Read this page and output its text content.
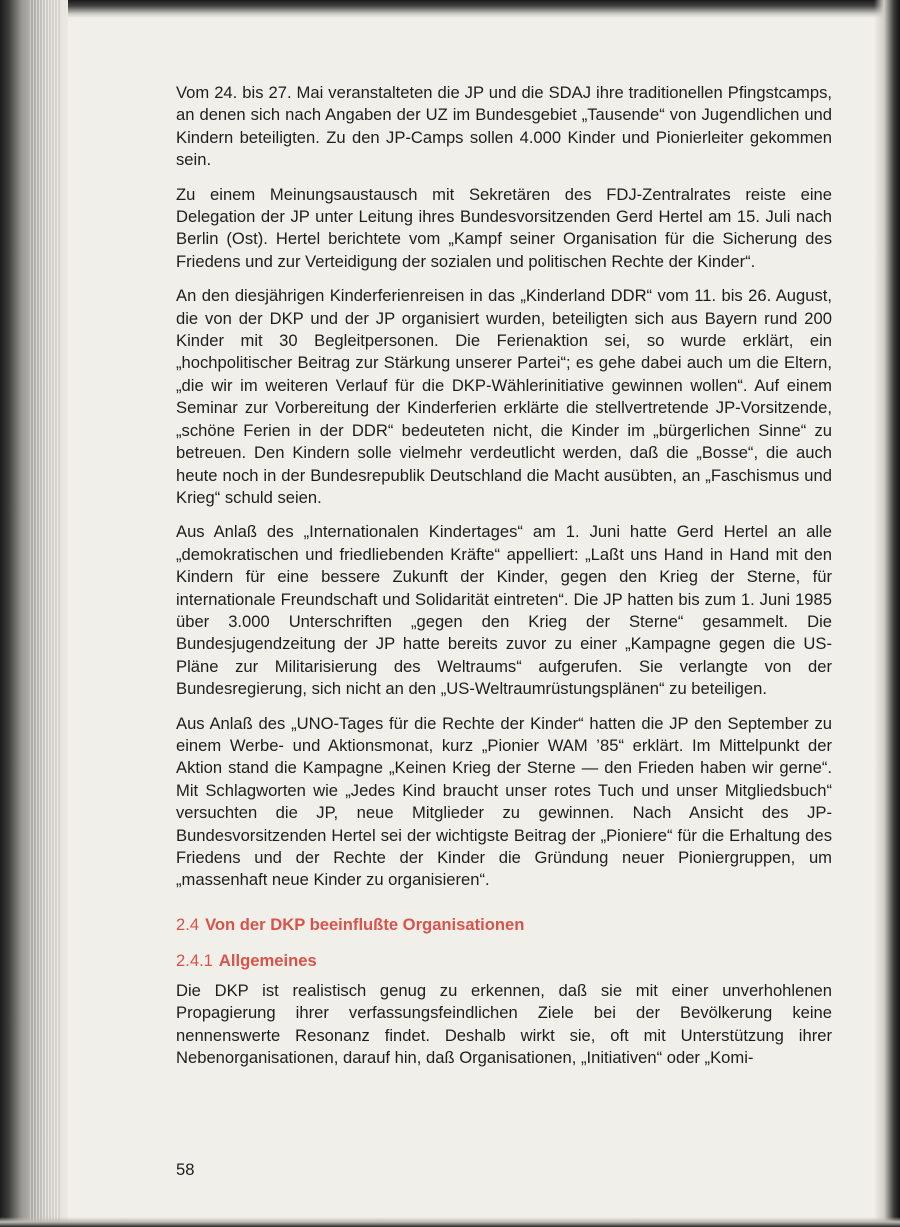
Vom 24. bis 27. Mai veranstalteten die JP und die SDAJ ihre traditionellen Pfingstcamps, an denen sich nach Angaben der UZ im Bundesgebiet „Tausende“ von Jugendlichen und Kindern beteiligten. Zu den JP-Camps sollen 4.000 Kinder und Pionierleiter gekommen sein.

Zu einem Meinungsaustausch mit Sekretären des FDJ-Zentralrates reiste eine Delegation der JP unter Leitung ihres Bundesvorsitzenden Gerd Hertel am 15. Juli nach Berlin (Ost). Hertel berichtete vom „Kampf seiner Organisation für die Sicherung des Friedens und zur Verteidigung der sozialen und politischen Rechte der Kinder“.

An den diesjährigen Kinderferienreisen in das „Kinderland DDR“ vom 11. bis 26. August, die von der DKP und der JP organisiert wurden, beteiligten sich aus Bayern rund 200 Kinder mit 30 Begleitpersonen. Die Ferienaktion sei, so wurde erklärt, ein „hochpolitischer Beitrag zur Stärkung unserer Partei“; es gehe dabei auch um die Eltern, „die wir im weiteren Verlauf für die DKP-Wählerinitiative gewinnen wollen“. Auf einem Seminar zur Vorbereitung der Kinderferien erklärte die stellvertretende JP-Vorsitzende, „schöne Ferien in der DDR“ bedeuteten nicht, die Kinder im „bürgerlichen Sinne“ zu betreuen. Den Kindern solle vielmehr verdeutlicht werden, daß die „Bosse“, die auch heute noch in der Bundesrepublik Deutschland die Macht ausübten, an „Faschismus und Krieg“ schuld seien.

Aus Anlaß des „Internationalen Kindertages“ am 1. Juni hatte Gerd Hertel an alle „demokratischen und friedliebenden Kräfte“ appelliert: „Laßt uns Hand in Hand mit den Kindern für eine bessere Zukunft der Kinder, gegen den Krieg der Sterne, für internationale Freundschaft und Solidarität eintreten“. Die JP hatten bis zum 1. Juni 1985 über 3.000 Unterschriften „gegen den Krieg der Sterne“ gesammelt. Die Bundesjugendzeitung der JP hatte bereits zuvor zu einer „Kampagne gegen die US-Pläne zur Militarisierung des Weltraums“ aufgerufen. Sie verlangte von der Bundesregierung, sich nicht an den „US-Weltraumrüstungsplänen“ zu beteiligen.

Aus Anlaß des „UNO-Tages für die Rechte der Kinder“ hatten die JP den September zu einem Werbe- und Aktionsmonat, kurz „Pionier WAM ’85“ erklärt. Im Mittelpunkt der Aktion stand die Kampagne „Keinen Krieg der Sterne — den Frieden haben wir gerne“. Mit Schlagworten wie „Jedes Kind braucht unser rotes Tuch und unser Mitgliedsbuch“ versuchten die JP, neue Mitglieder zu gewinnen. Nach Ansicht des JP-Bundesvorsitzenden Hertel sei der wichtigste Beitrag der „Pioniere“ für die Erhaltung des Friedens und der Rechte der Kinder die Gründung neuer Pioniergruppen, um „massenhaft neue Kinder zu organisieren“.

2.4 Von der DKP beeinflußte Organisationen
2.4.1 Allgemeines

Die DKP ist realistisch genug zu erkennen, daß sie mit einer unverhohlenen Propagierung ihrer verfassungsfeindlichen Ziele bei der Bevölkerung keine nennenswerte Resonanz findet. Deshalb wirkt sie, oft mit Unterstützung ihrer Nebenorganisationen, darauf hin, daß Organisationen, „Initiativen“ oder „Komi-

58
